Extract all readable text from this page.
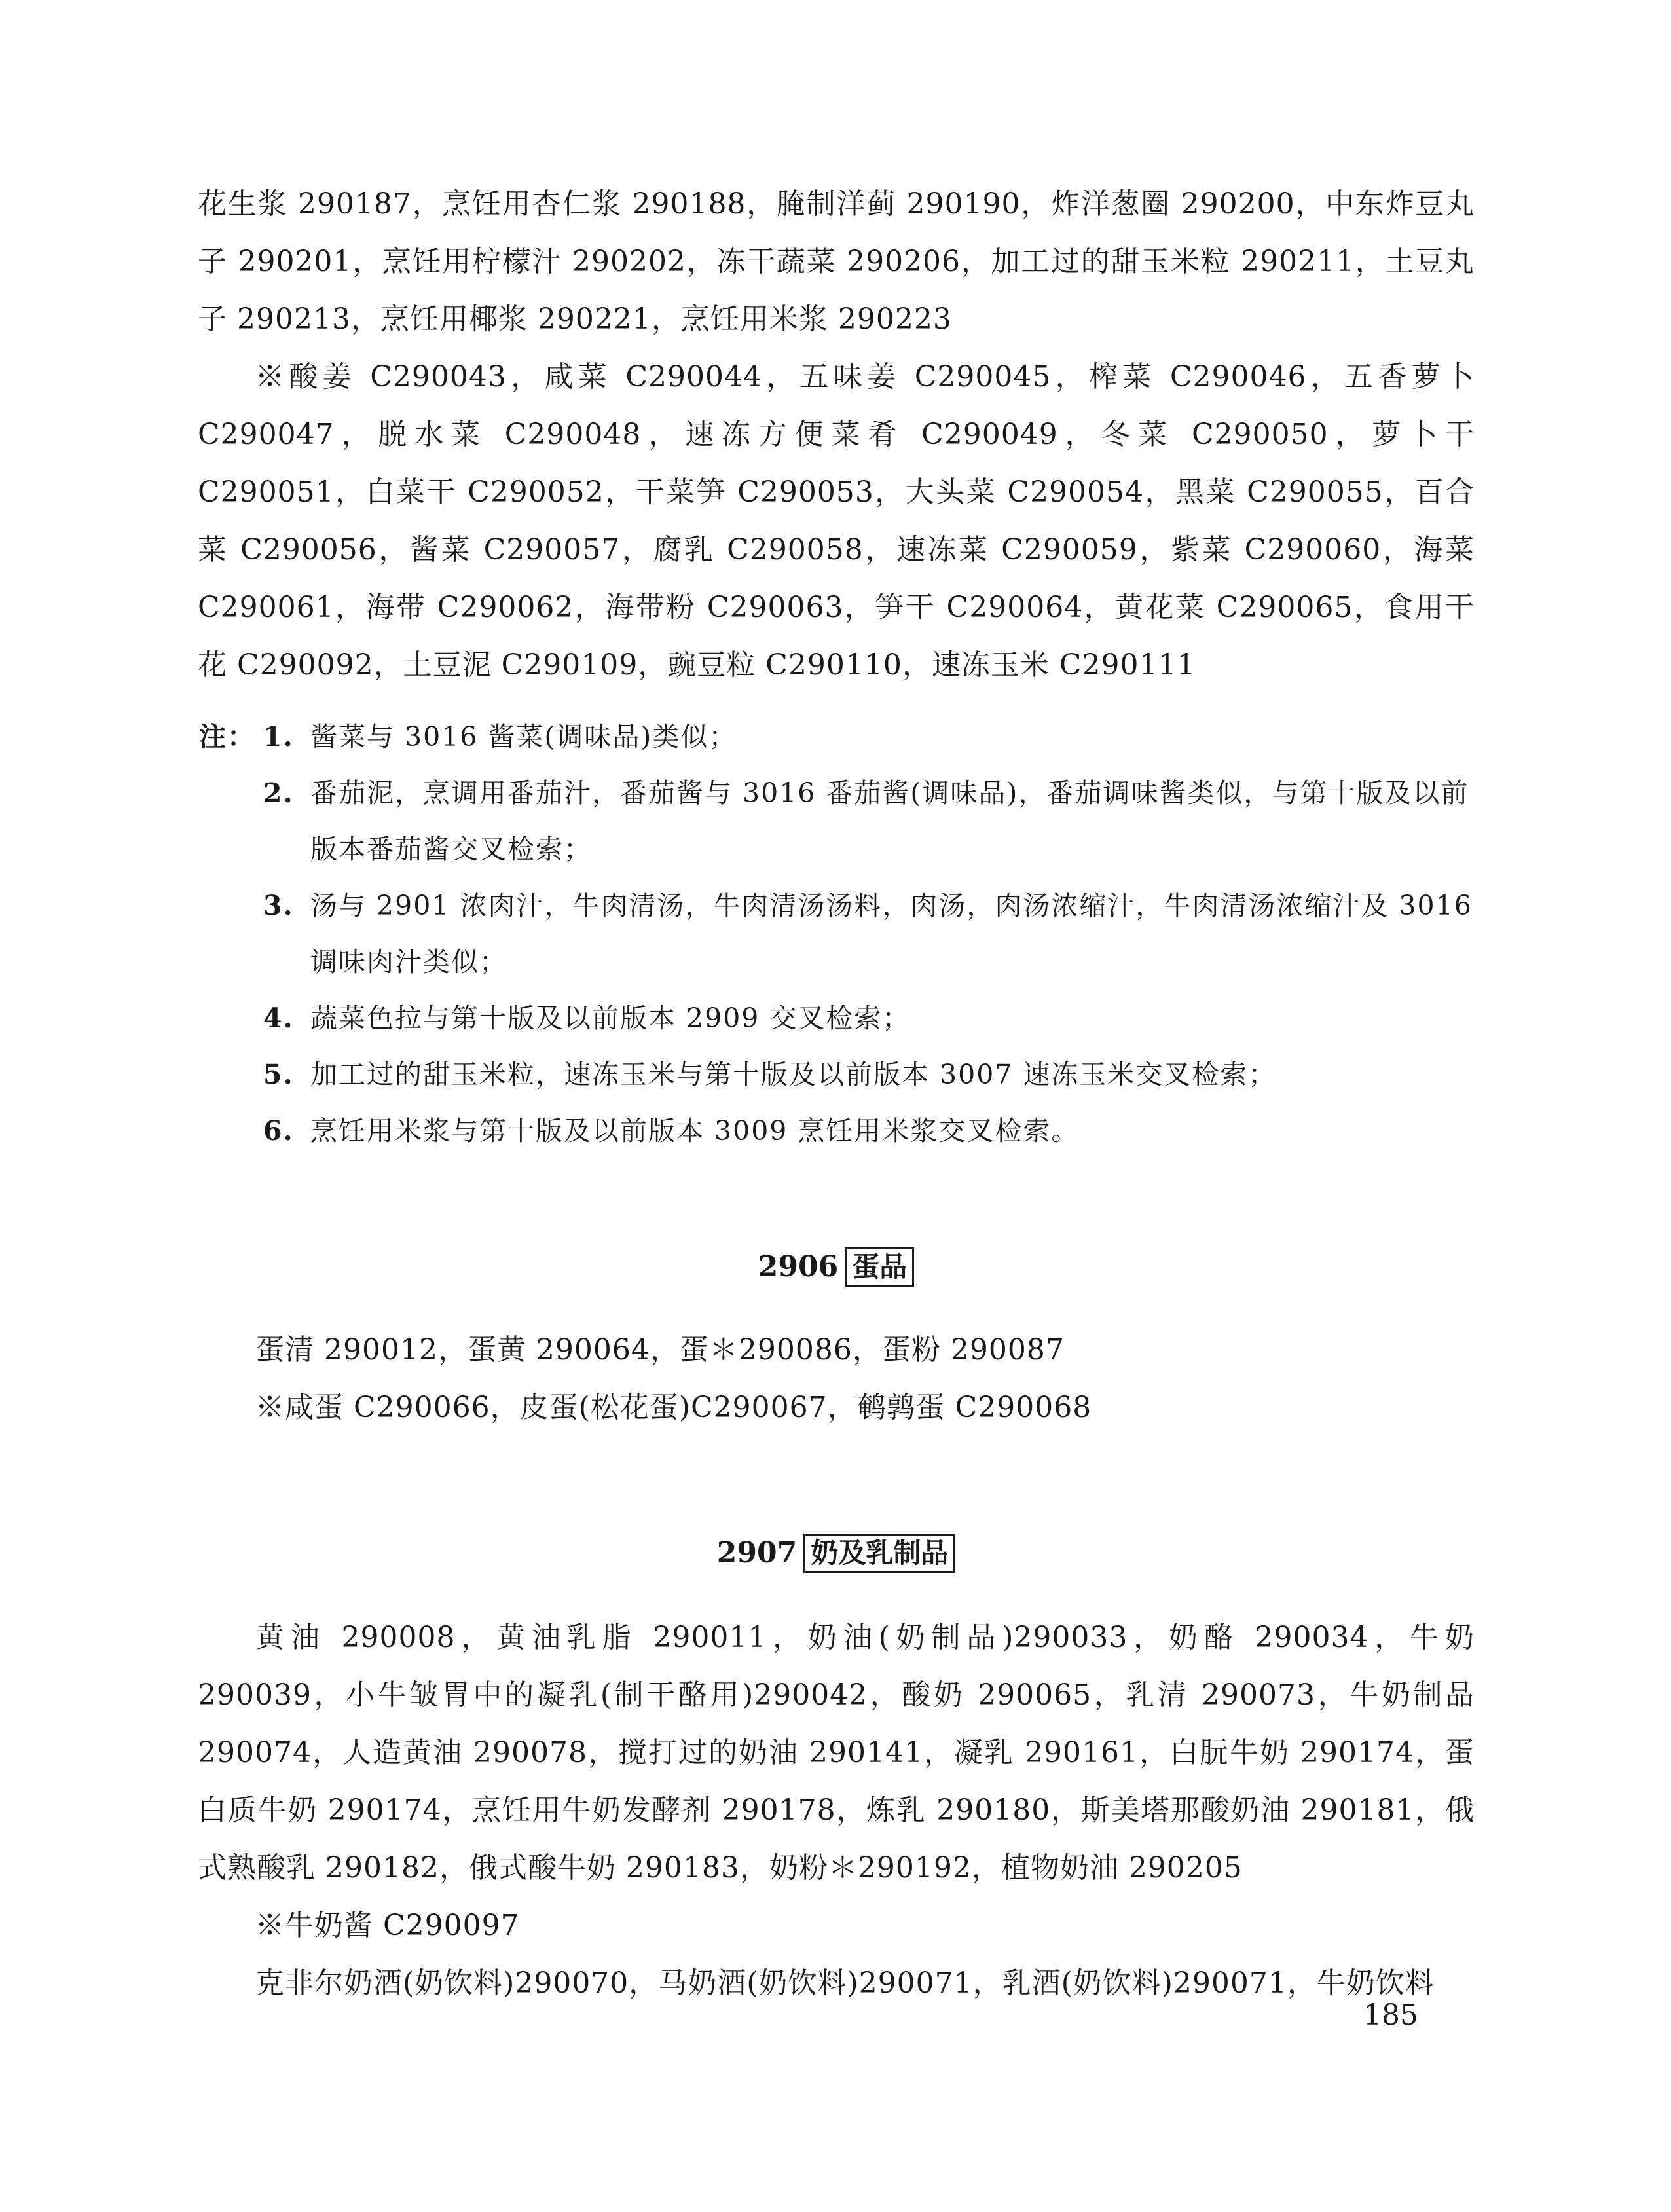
花生浆 290187，烹饪用杏仁浆 290188，腌制洋蓟 290190，炸洋葱圈 290200，中东炸豆丸子 290201，烹饪用柠檬汁 290202，冻干蔬菜 290206，加工过的甜玉米粒 290211，土豆丸子 290213，烹饪用椰浆 290221，烹饪用米浆 290223

※酸姜 C290043，咸菜 C290044，五味姜 C290045，榨菜 C290046，五香萝卜 C290047，脱水菜 C290048，速冻方便菜肴 C290049，冬菜 C290050，萝卜干 C290051，白菜干 C290052，干菜笋 C290053，大头菜 C290054，黑菜 C290055，百合菜 C290056，酱菜 C290057，腐乳 C290058，速冻菜 C290059，紫菜 C290060，海菜 C290061，海带 C290062，海带粉 C290063，笋干 C290064，黄花菜 C290065，食用干花 C290092，土豆泥 C290109，豌豆粒 C290110，速冻玉米 C290111

注： 1. 酱菜与 3016 酱菜(调味品)类似；
2. 番茄泥，烹调用番茄汁，番茄酱与 3016 番茄酱(调味品)，番茄调味酱类似，与第十版及以前版本番茄酱交叉检索；
3. 汤与 2901 浓肉汁，牛肉清汤，牛肉清汤汤料，肉汤，肉汤浓缩汁，牛肉清汤浓缩汁及 3016 调味肉汁类似；
4. 蔬菜色拉与第十版及以前版本 2909 交叉检索；
5. 加工过的甜玉米粒，速冻玉米与第十版及以前版本 3007 速冻玉米交叉检索；
6. 烹饪用米浆与第十版及以前版本 3009 烹饪用米浆交叉检索。
2906 蛋品

蛋清 290012，蛋黄 290064，蛋＊290086，蛋粉 290087

※咸蛋 C290066，皮蛋(松花蛋)C290067，鹌鹑蛋 C290068

2907 奶及乳制品

黄油 290008，黄油乳脂 290011，奶油(奶制品)290033，奶酪 290034，牛奶 290039，小牛皱胃中的凝乳(制干酪用)290042，酸奶 290065，乳清 290073，牛奶制品 290074，人造黄油 290078，搅打过的奶油 290141，凝乳 290161，白朊牛奶 290174，蛋白质牛奶 290174，烹饪用牛奶发酵剂 290178，炼乳 290180，斯美塔那酸奶油 290181，俄式熟酸乳 290182，俄式酸牛奶 290183，奶粉＊290192，植物奶油 290205

※牛奶酱 C290097

克非尔奶酒(奶饮料)290070，马奶酒(奶饮料)290071，乳酒(奶饮料)290071，牛奶饮料

185
